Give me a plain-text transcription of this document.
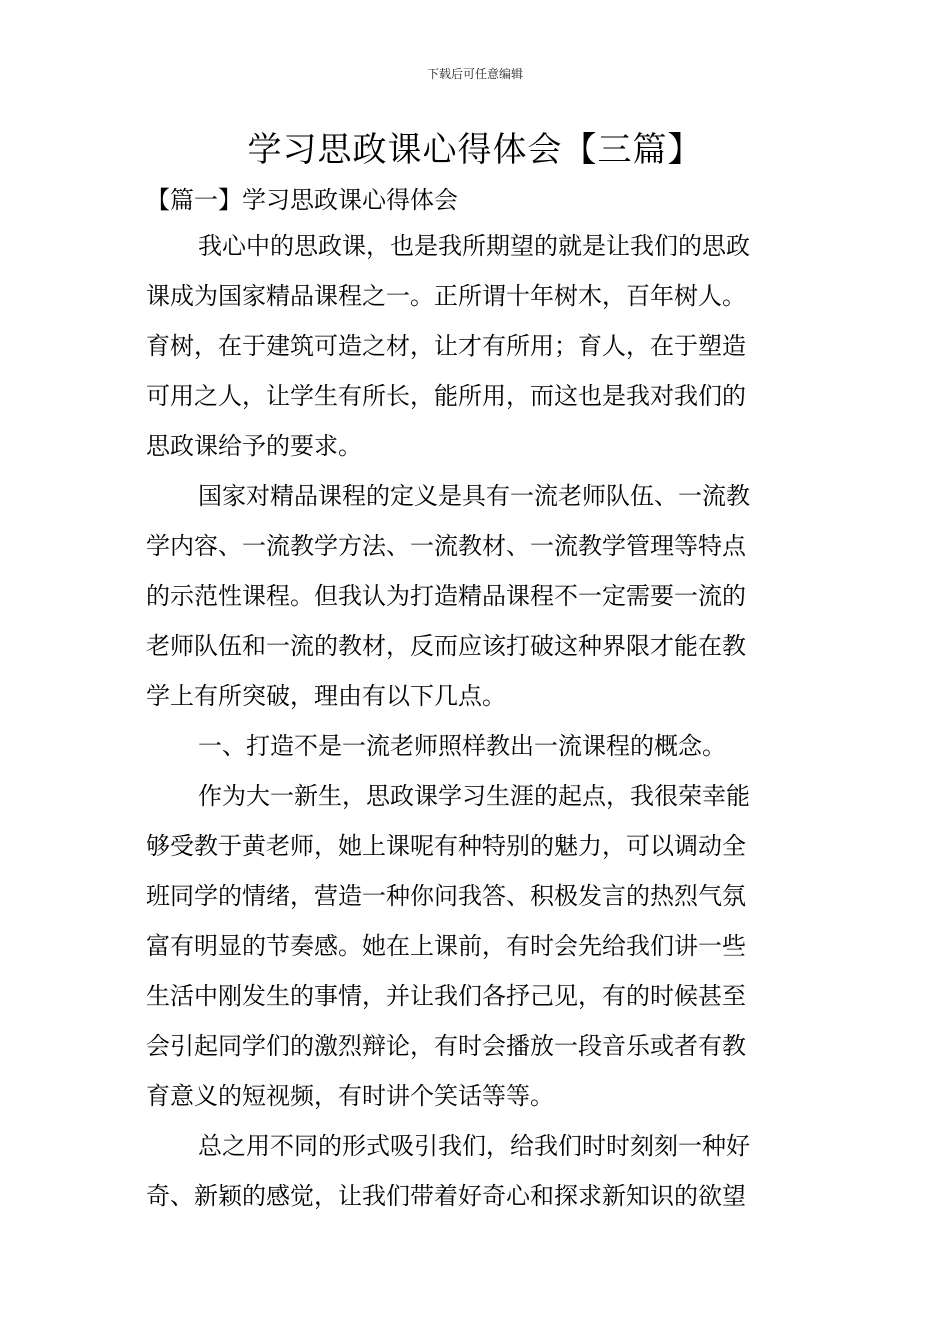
下载后可任意编辑
学习思政课心得体会【三篇】
【篇一】学习思政课心得体会

我心中的思政课，也是我所期望的就是让我们的思政
课成为国家精品课程之一。正所谓十年树木，百年树人。
育树，在于建筑可造之材，让才有所用；育人，在于塑造
可用之人，让学生有所长，能所用，而这也是我对我们的
思政课给予的要求。

国家对精品课程的定义是具有一流老师队伍、一流教
学内容、一流教学方法、一流教材、一流教学管理等特点
的示范性课程。但我认为打造精品课程不一定需要一流的
老师队伍和一流的教材，反而应该打破这种界限才能在教
学上有所突破，理由有以下几点。

一、打造不是一流老师照样教出一流课程的概念。

作为大一新生，思政课学习生涯的起点，我很荣幸能
够受教于黄老师，她上课呢有种特别的魅力，可以调动全
班同学的情绪，营造一种你问我答、积极发言的热烈气氛
富有明显的节奏感。她在上课前，有时会先给我们讲一些
生活中刚发生的事情，并让我们各抒己见，有的时候甚至
会引起同学们的激烈辩论，有时会播放一段音乐或者有教
育意义的短视频，有时讲个笑话等等。

总之用不同的形式吸引我们，给我们时时刻刻一种好
奇、新颖的感觉，让我们带着好奇心和探求新知识的欲望
